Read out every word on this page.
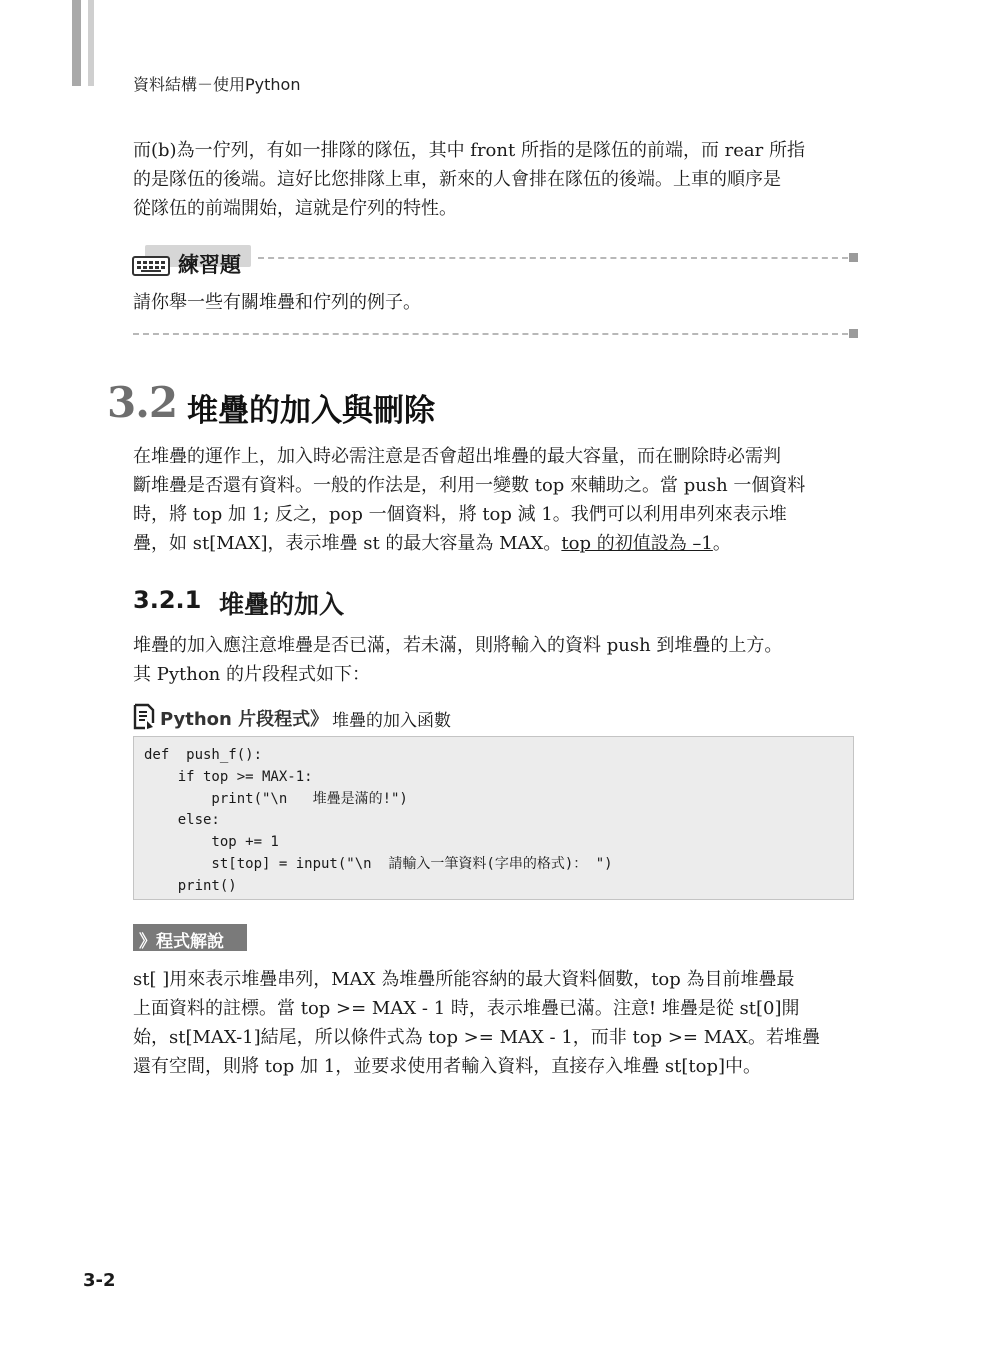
資料結構－使用Python

而(b)為一佇列，有如一排隊的隊伍，其中 front 所指的是隊伍的前端，而 rear 所指
的是隊伍的後端。這好比您排隊上車，新來的人會排在隊伍的後端。上車的順序是
從隊伍的前端開始，這就是佇列的特性。

練習題

請你舉一些有關堆疊和佇列的例子。

3.2 堆疊的加入與刪除

在堆疊的運作上，加入時必需注意是否會超出堆疊的最大容量，而在刪除時必需判
斷堆疊是否還有資料。一般的作法是，利用一變數 top 來輔助之。當 push 一個資料
時，將 top 加 1; 反之，pop 一個資料，將 top 減 1。我們可以利用串列來表示堆
疊，如 st[MAX]，表示堆疊 st 的最大容量為 MAX。top 的初值設為 –1。

3.2.1 堆疊的加入

堆疊的加入應注意堆疊是否已滿，若未滿，則將輸入的資料 push 到堆疊的上方。
其 Python 的片段程式如下：

Python 片段程式》 堆疊的加入函數
def  push_f():
if top >= MAX-1:
print("\n   堆疊是滿的!")
else:
top += 1
st[top] = input("\n  請輸入一筆資料(字串的格式)： ")
print()
》程式解說

st[ ]用來表示堆疊串列，MAX 為堆疊所能容納的最大資料個數，top 為目前堆疊最
上面資料的註標。當 top >= MAX - 1 時，表示堆疊已滿。注意! 堆疊是從 st[0]開
始，st[MAX-1]結尾，所以條件式為 top >= MAX - 1，而非 top >= MAX。若堆疊
還有空間，則將 top 加 1，並要求使用者輸入資料，直接存入堆疊 st[top]中。

3-2
